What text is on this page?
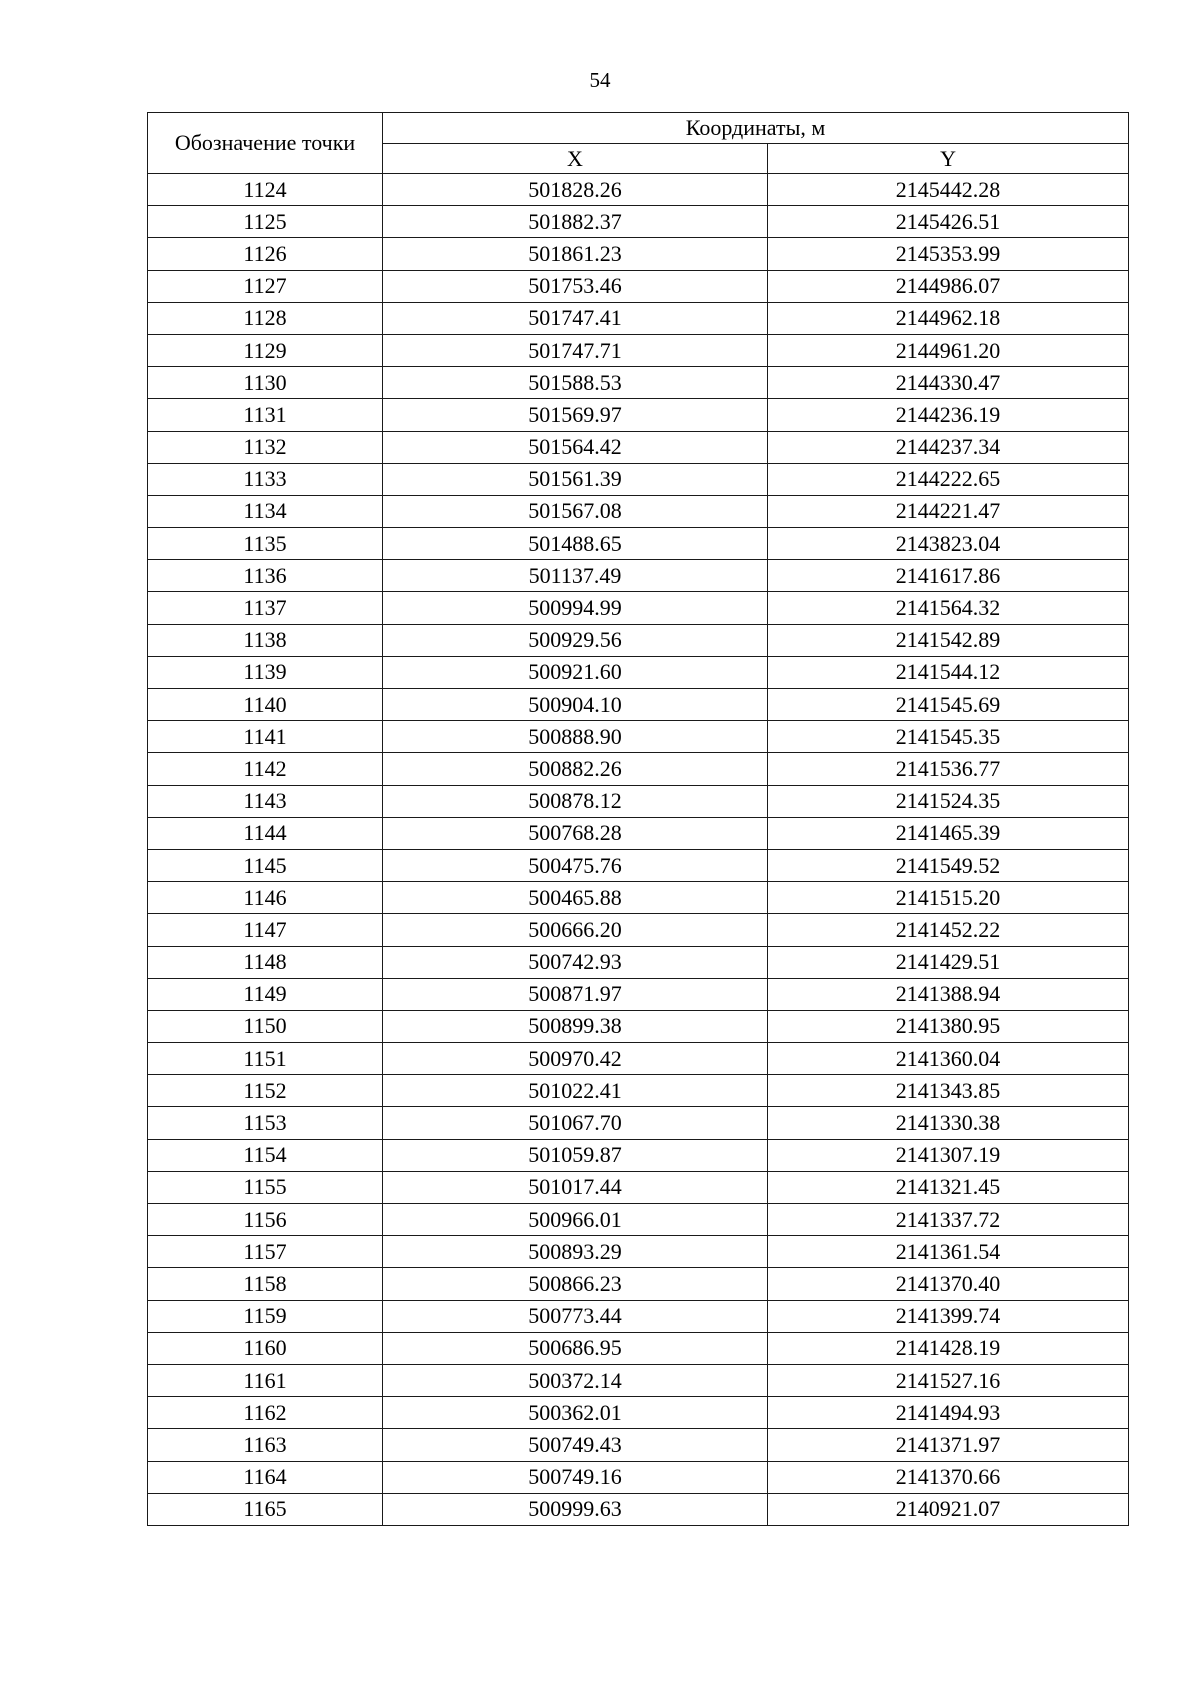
54
Обозначение точки	Координаты, м	
	X	Y
1124	501828.26	2145442.28
1125	501882.37	2145426.51
1126	501861.23	2145353.99
1127	501753.46	2144986.07
1128	501747.41	2144962.18
1129	501747.71	2144961.20
1130	501588.53	2144330.47
1131	501569.97	2144236.19
1132	501564.42	2144237.34
1133	501561.39	2144222.65
1134	501567.08	2144221.47
1135	501488.65	2143823.04
1136	501137.49	2141617.86
1137	500994.99	2141564.32
1138	500929.56	2141542.89
1139	500921.60	2141544.12
1140	500904.10	2141545.69
1141	500888.90	2141545.35
1142	500882.26	2141536.77
1143	500878.12	2141524.35
1144	500768.28	2141465.39
1145	500475.76	2141549.52
1146	500465.88	2141515.20
1147	500666.20	2141452.22
1148	500742.93	2141429.51
1149	500871.97	2141388.94
1150	500899.38	2141380.95
1151	500970.42	2141360.04
1152	501022.41	2141343.85
1153	501067.70	2141330.38
1154	501059.87	2141307.19
1155	501017.44	2141321.45
1156	500966.01	2141337.72
1157	500893.29	2141361.54
1158	500866.23	2141370.40
1159	500773.44	2141399.74
1160	500686.95	2141428.19
1161	500372.14	2141527.16
1162	500362.01	2141494.93
1163	500749.43	2141371.97
1164	500749.16	2141370.66
1165	500999.63	2140921.07
